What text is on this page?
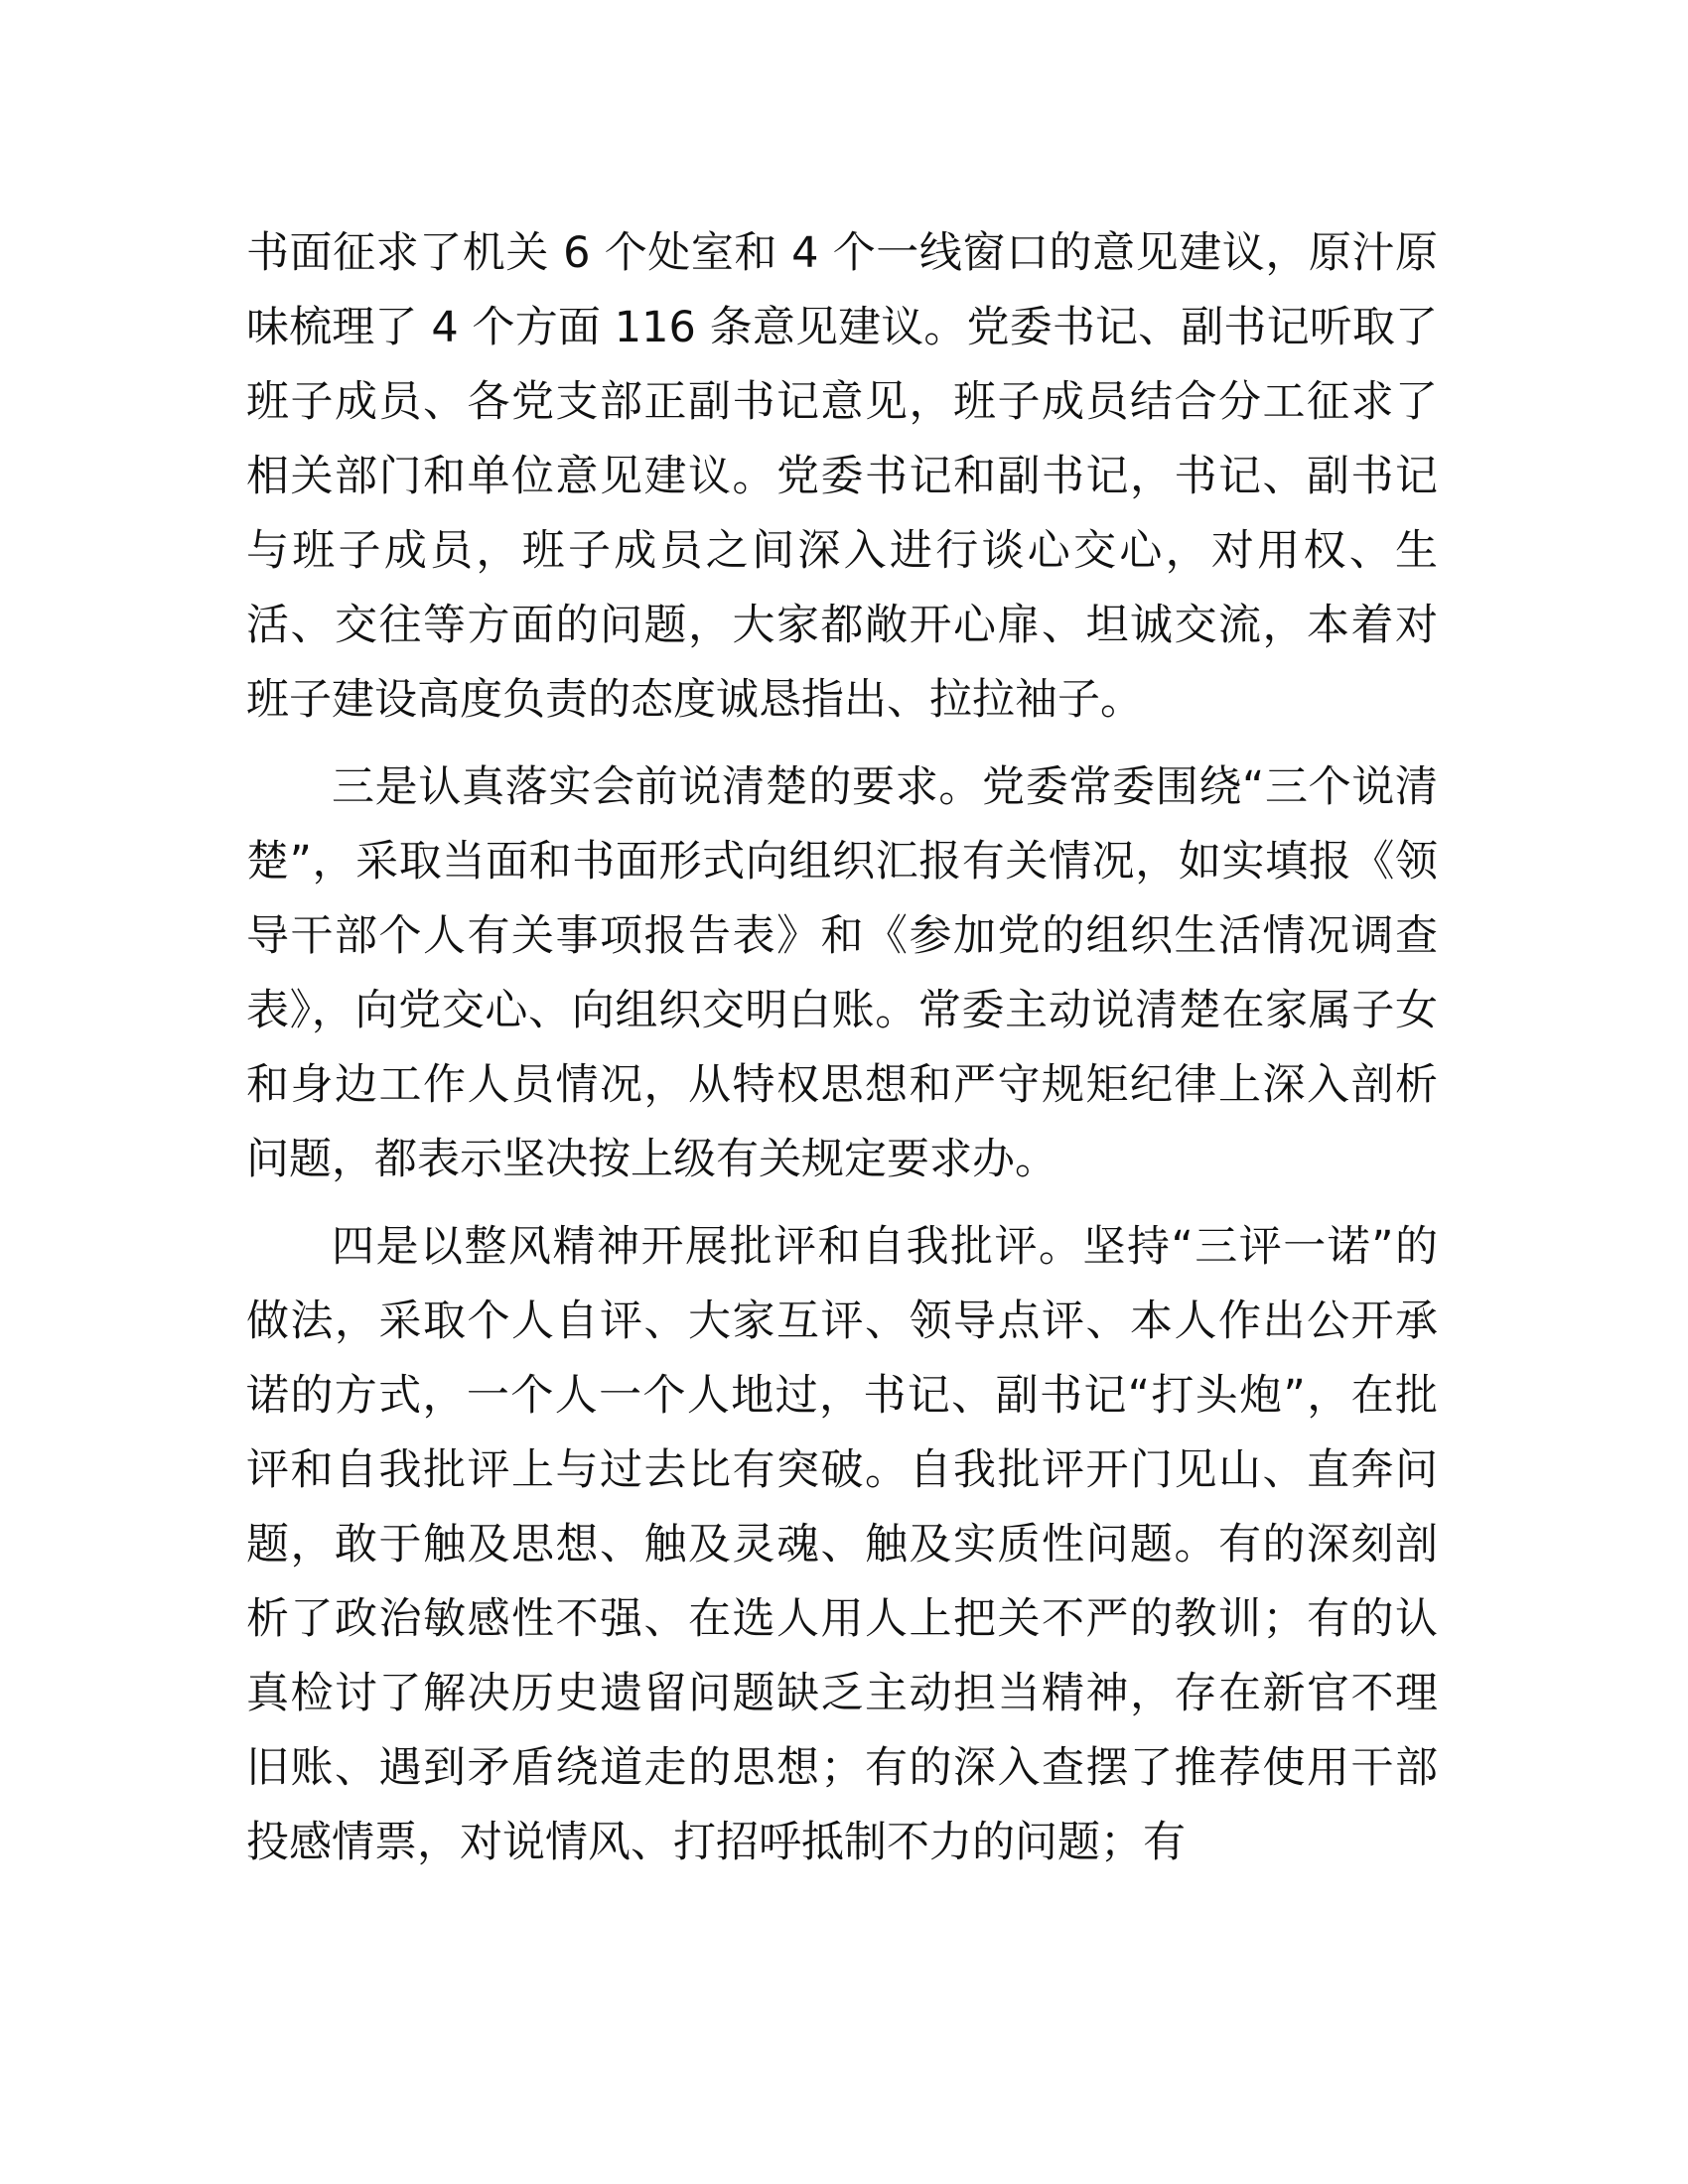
书面征求了机关 6 个处室和 4 个一线窗口的意见建议，原汁原味梳理了 4 个方面 116 条意见建议。党委书记、副书记听取了班子成员、各党支部正副书记意见，班子成员结合分工征求了相关部门和单位意见建议。党委书记和副书记，书记、副书记与班子成员，班子成员之间深入进行谈心交心，对用权、生活、交往等方面的问题，大家都敞开心扉、坦诚交流，本着对班子建设高度负责的态度诚恳指出、拉拉袖子。

三是认真落实会前说清楚的要求。党委常委围绕“三个说清楚”，采取当面和书面形式向组织汇报有关情况，如实填报《领导干部个人有关事项报告表》和《参加党的组织生活情况调查表》，向党交心、向组织交明白账。常委主动说清楚在家属子女和身边工作人员情况，从特权思想和严守规矩纪律上深入剖析问题，都表示坚决按上级有关规定要求办。

四是以整风精神开展批评和自我批评。坚持“三评一诺”的做法，采取个人自评、大家互评、领导点评、本人作出公开承诺的方式，一个人一个人地过，书记、副书记“打头炮”，在批评和自我批评上与过去比有突破。自我批评开门见山、直奔问题，敢于触及思想、触及灵魂、触及实质性问题。有的深刻剖析了政治敏感性不强、在选人用人上把关不严的教训；有的认真检讨了解决历史遗留问题缺乏主动担当精神，存在新官不理旧账、遇到矛盾绕道走的思想；有的深入查摆了推荐使用干部投感情票，对说情风、打招呼抵制不力的问题；有
